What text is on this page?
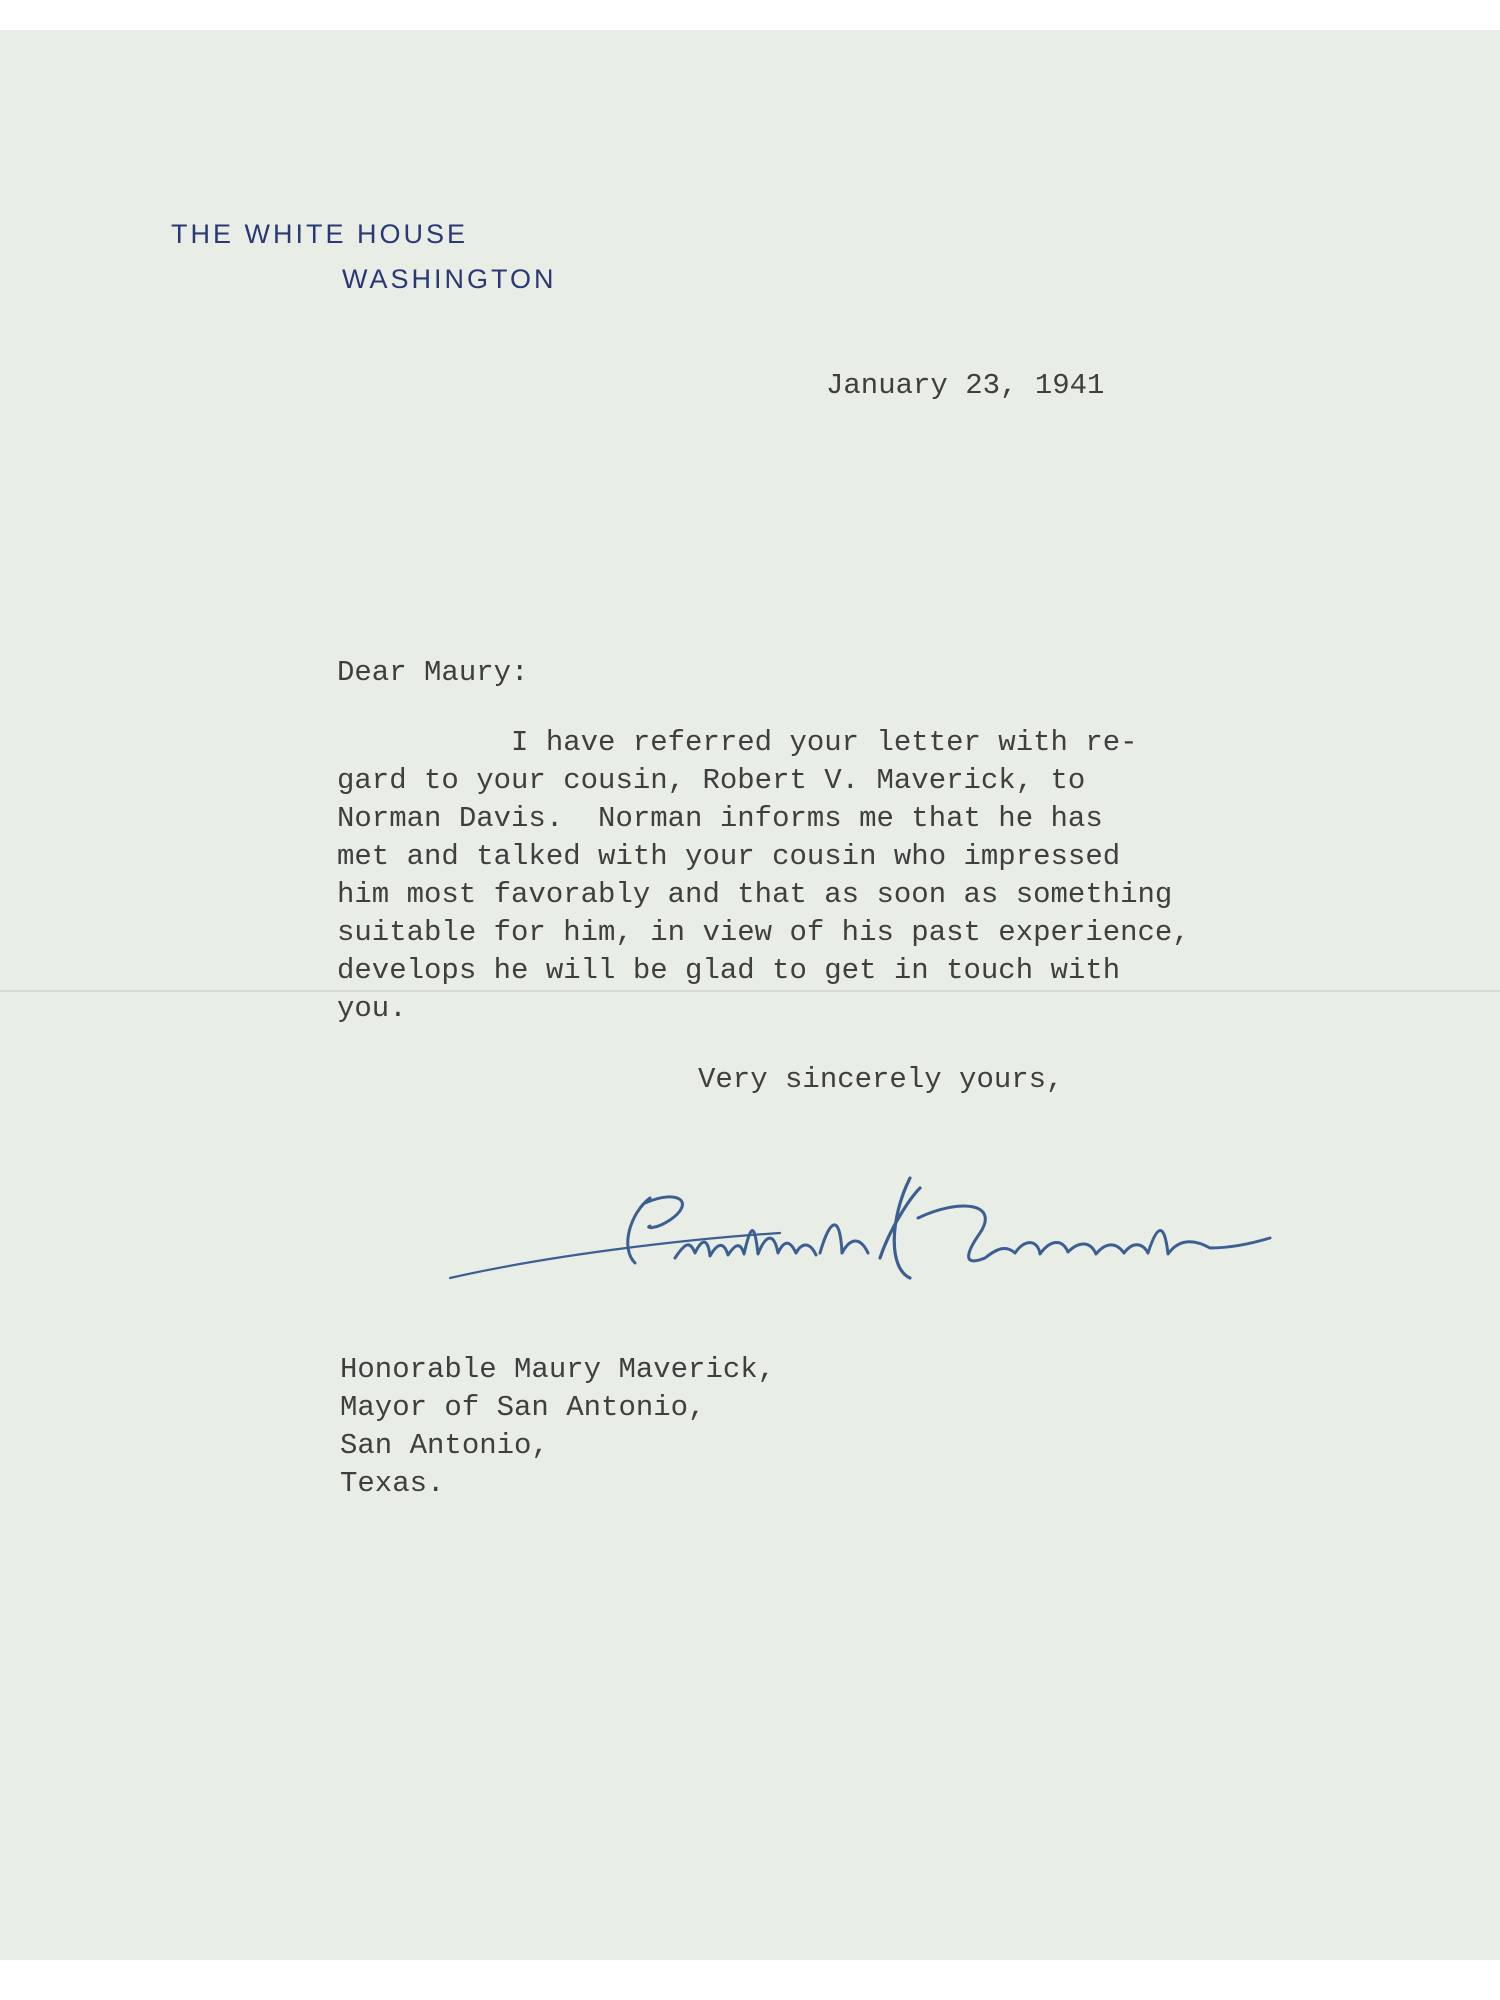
THE WHITE HOUSE
WASHINGTON
January 23, 1941
Dear Maury:
I have referred your letter with re-
gard to your cousin, Robert V. Maverick, to
Norman Davis.  Norman informs me that he has
met and talked with your cousin who impressed
him most favorably and that as soon as something
suitable for him, in view of his past experience,
develops he will be glad to get in touch with
you.
Very sincerely yours,
Honorable Maury Maverick,
Mayor of San Antonio,
San Antonio,
Texas.
